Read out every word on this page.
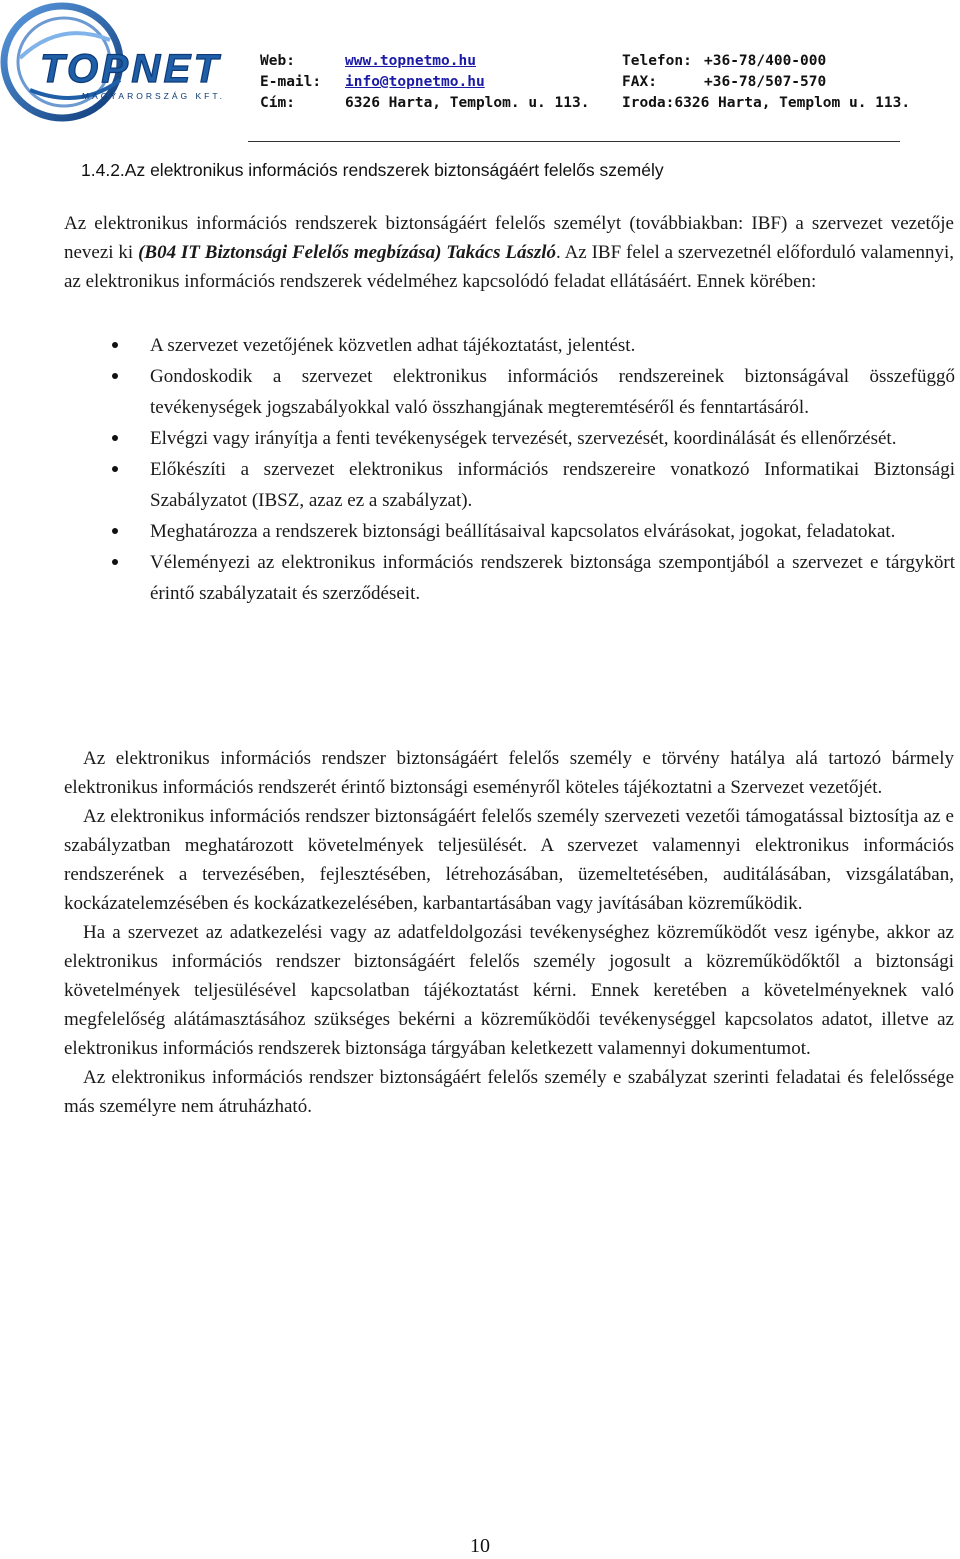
TOPNET
MAGYARORSZÁG KFT.
Web:	www.topnetmo.hu
E-mail: info@topnetmo.hu
Cím:	6326 Harta, Templom. u. 113.
Telefon: +36-78/400-000
FAX:	+36-78/507-570
Iroda:6326 Harta, Templom u. 113.
1.4.2.Az elektronikus információs rendszerek biztonságáért felelős személy

Az elektronikus információs rendszerek biztonságáért felelős személyt (továbbiakban: IBF) a szervezet vezetője nevezi ki (B04 IT Biztonsági Felelős megbízása) Takács László. Az IBF felel a szervezetnél előforduló valamennyi, az elektronikus információs rendszerek védelméhez kapcsolódó feladat ellátásáért. Ennek körében:

A szervezet vezetőjének közvetlen adhat tájékoztatást, jelentést.
Gondoskodik a szervezet elektronikus információs rendszereinek biztonságával összefüggő tevékenységek jogszabályokkal való összhangjának megteremtéséről és fenntartásáról.
Elvégzi vagy irányítja a fenti tevékenységek tervezését, szervezését, koordinálását és ellenőrzését.
Előkészíti a szervezet elektronikus információs rendszereire vonatkozó Informatikai Biztonsági Szabályzatot (IBSZ, azaz ez a szabályzat).
Meghatározza a rendszerek biztonsági beállításaival kapcsolatos elvárásokat, jogokat, feladatokat.
Véleményezi az elektronikus információs rendszerek biztonsága szempontjából a szervezet e tárgykört érintő szabályzatait és szerződéseit.

Az elektronikus információs rendszer biztonságáért felelős személy e törvény hatálya alá tartozó bármely elektronikus információs rendszerét érintő biztonsági eseményről köteles tájékoztatni a Szervezet vezetőjét.

Az elektronikus információs rendszer biztonságáért felelős személy szervezeti vezetői támogatással biztosítja az e szabályzatban meghatározott követelmények teljesülését. A szervezet valamennyi elektronikus információs rendszerének a tervezésében, fejlesztésében, létrehozásában, üzemeltetésében, auditálásában, vizsgálatában, kockázatelemzésében és kockázatkezelésében, karbantartásában vagy javításában közreműködik.

Ha a szervezet az adatkezelési vagy az adatfeldolgozási tevékenységhez közreműködőt vesz igénybe, akkor az elektronikus információs rendszer biztonságáért felelős személy jogosult a közreműködőktől a biztonsági követelmények teljesülésével kapcsolatban tájékoztatást kérni. Ennek keretében a követelményeknek való megfelelőség alátámasztásához szükséges bekérni a közreműködői tevékenységgel kapcsolatos adatot, illetve az elektronikus információs rendszerek biztonsága tárgyában keletkezett valamennyi dokumentumot.

Az elektronikus információs rendszer biztonságáért felelős személy e szabályzat szerinti feladatai és felelőssége más személyre nem átruházható.

10
